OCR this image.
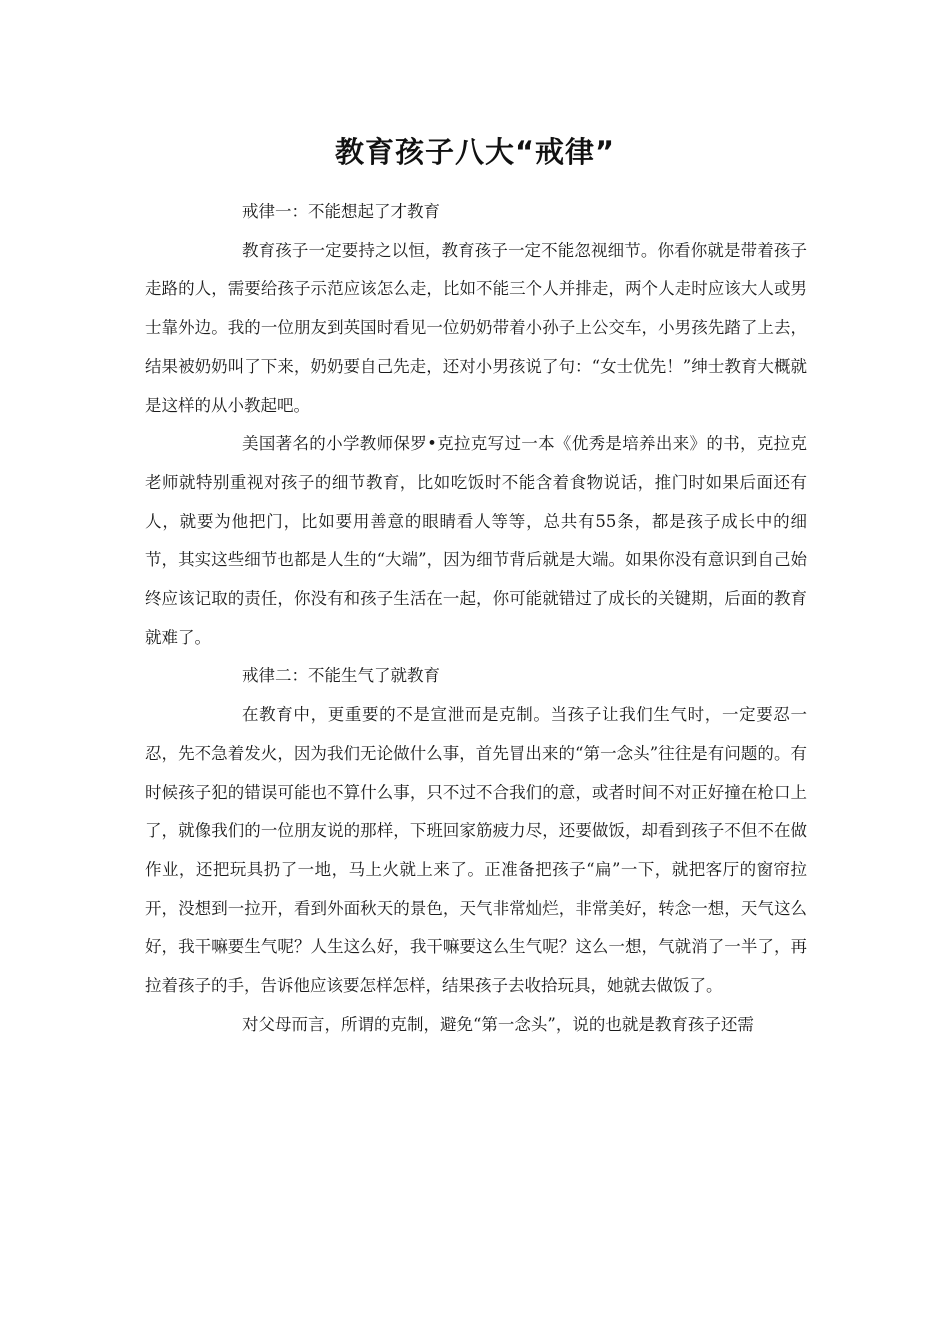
教育孩子八大“戒律”

戒律一：不能想起了才教育

教育孩子一定要持之以恒，教育孩子一定不能忽视细节。你看你就是带着孩子走路的人，需要给孩子示范应该怎么走，比如不能三个人并排走，两个人走时应该大人或男士靠外边。我的一位朋友到英国时看见一位奶奶带着小孙子上公交车，小男孩先踏了上去，结果被奶奶叫了下来，奶奶要自己先走，还对小男孩说了句：“女士优先！”绅士教育大概就是这样的从小教起吧。

美国著名的小学教师保罗•克拉克写过一本《优秀是培养出来》的书，克拉克老师就特别重视对孩子的细节教育，比如吃饭时不能含着食物说话，推门时如果后面还有人，就要为他把门，比如要用善意的眼睛看人等等，总共有55条，都是孩子成长中的细节，其实这些细节也都是人生的“大端”，因为细节背后就是大端。如果你没有意识到自己始终应该记取的责任，你没有和孩子生活在一起，你可能就错过了成长的关键期，后面的教育就难了。

戒律二：不能生气了就教育

在教育中，更重要的不是宣泄而是克制。当孩子让我们生气时，一定要忍一忍，先不急着发火，因为我们无论做什么事，首先冒出来的“第一念头”往往是有问题的。有时候孩子犯的错误可能也不算什么事，只不过不合我们的意，或者时间不对正好撞在枪口上了，就像我们的一位朋友说的那样，下班回家筋疲力尽，还要做饭，却看到孩子不但不在做作业，还把玩具扔了一地，马上火就上来了。正准备把孩子“扁”一下，就把客厅的窗帘拉开，没想到一拉开，看到外面秋天的景色，天气非常灿烂，非常美好，转念一想，天气这么好，我干嘛要生气呢？人生这么好，我干嘛要这么生气呢？这么一想，气就消了一半了，再拉着孩子的手，告诉他应该要怎样怎样，结果孩子去收拾玩具，她就去做饭了。

对父母而言，所谓的克制，避免“第一念头”，说的也就是教育孩子还需
